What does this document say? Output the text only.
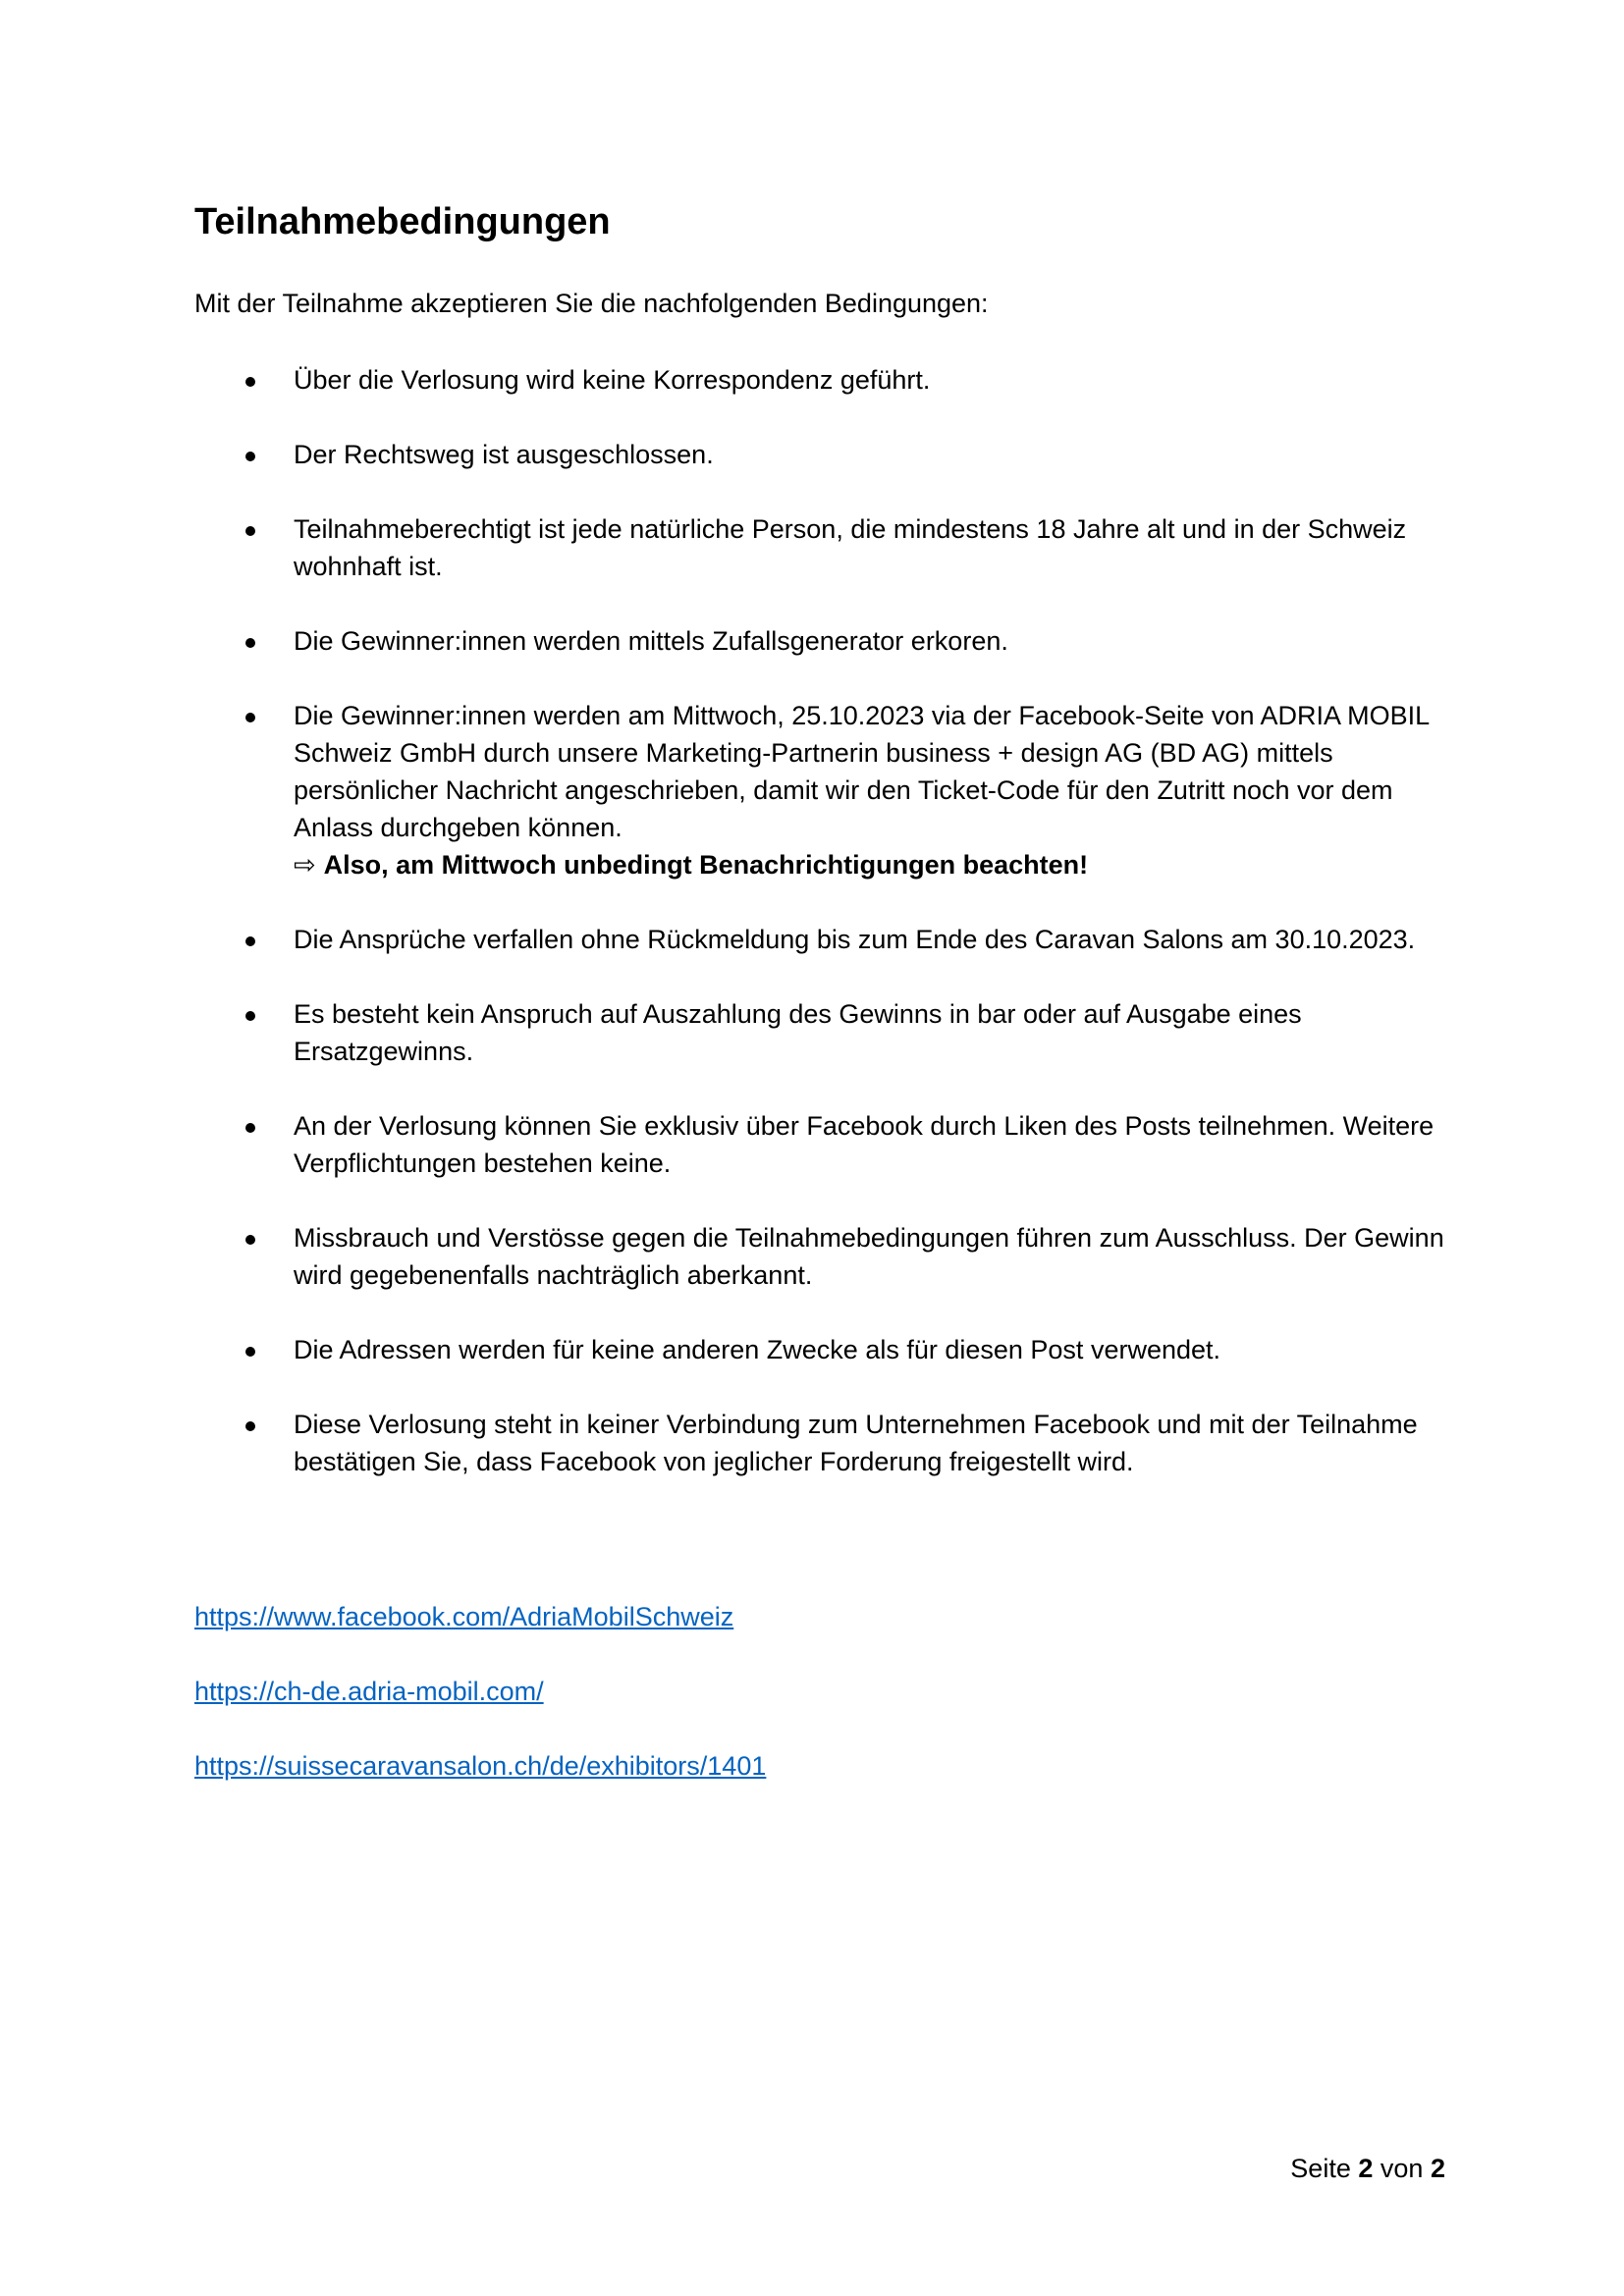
Teilnahmebedingungen

Mit der Teilnahme akzeptieren Sie die nachfolgenden Bedingungen:

Über die Verlosung wird keine Korrespondenz geführt.
Der Rechtsweg ist ausgeschlossen.
Teilnahmeberechtigt ist jede natürliche Person, die mindestens 18 Jahre alt und in der Schweiz wohnhaft ist.
Die Gewinner:innen werden mittels Zufallsgenerator erkoren.
Die Gewinner:innen werden am Mittwoch, 25.10.2023 via der Facebook-Seite von ADRIA MOBIL Schweiz GmbH durch unsere Marketing-Partnerin business + design AG (BD AG) mittels persönlicher Nachricht angeschrieben, damit wir den Ticket-Code für den Zutritt noch vor dem Anlass durchgeben können.
⇨ Also, am Mittwoch unbedingt Benachrichtigungen beachten!
Die Ansprüche verfallen ohne Rückmeldung bis zum Ende des Caravan Salons am 30.10.2023.
Es besteht kein Anspruch auf Auszahlung des Gewinns in bar oder auf Ausgabe eines Ersatzgewinns.
An der Verlosung können Sie exklusiv über Facebook durch Liken des Posts teilnehmen. Weitere Verpflichtungen bestehen keine.
Missbrauch und Verstösse gegen die Teilnahmebedingungen führen zum Ausschluss. Der Gewinn wird gegebenenfalls nachträglich aberkannt.
Die Adressen werden für keine anderen Zwecke als für diesen Post verwendet.
Diese Verlosung steht in keiner Verbindung zum Unternehmen Facebook und mit der Teilnahme bestätigen Sie, dass Facebook von jeglicher Forderung freigestellt wird.
https://www.facebook.com/AdriaMobilSchweiz
https://ch-de.adria-mobil.com/
https://suissecaravansalon.ch/de/exhibitors/1401
Seite 2 von 2
